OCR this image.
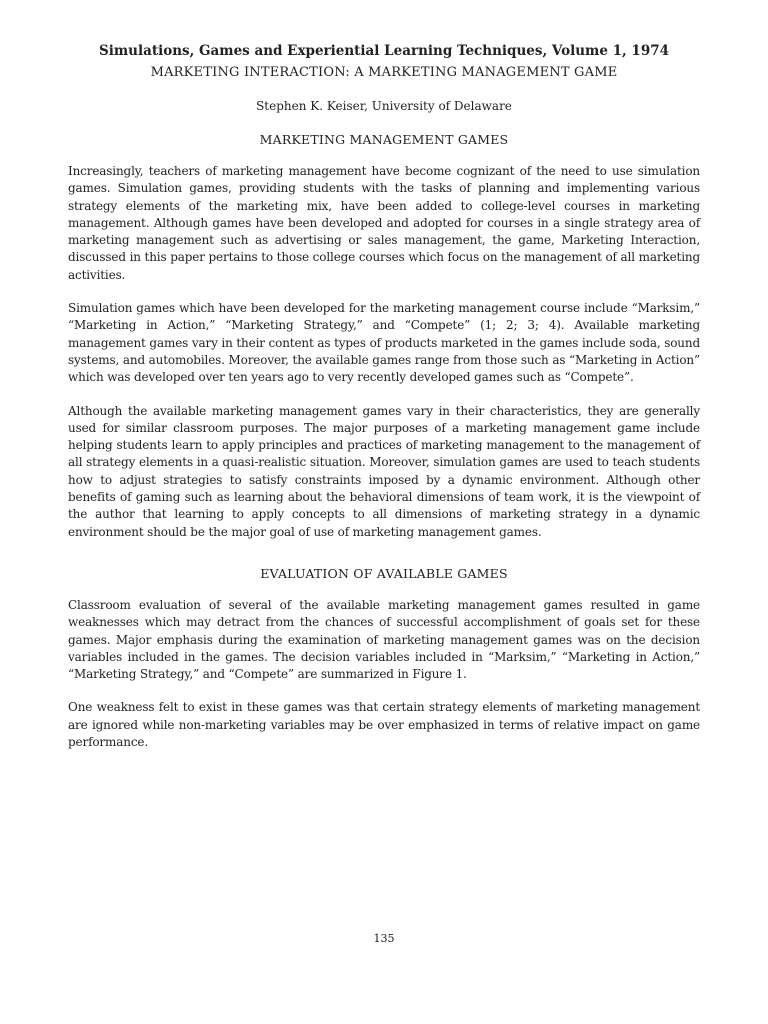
Simulations, Games and Experiential Learning Techniques, Volume 1, 1974
MARKETING INTERACTION: A MARKETING MANAGEMENT GAME
Stephen K. Keiser, University of Delaware
MARKETING MANAGEMENT GAMES

Increasingly, teachers of marketing management have become cognizant of the need to use simulation games. Simulation games, providing students with the tasks of planning and implementing various strategy elements of the marketing mix, have been added to college-level courses in marketing management. Although games have been developed and adopted for courses in a single strategy area of marketing management such as advertising or sales management, the game, Marketing Interaction, discussed in this paper pertains to those college courses which focus on the management of all marketing activities.

Simulation games which have been developed for the marketing management course include “Marksim,” “Marketing in Action,” “Marketing Strategy,” and “Compete” (1; 2; 3; 4). Available marketing management games vary in their content as types of products marketed in the games include soda, sound systems, and automobiles. Moreover, the available games range from those such as “Marketing in Action” which was developed over ten years ago to very recently developed games such as “Compete”.

Although the available marketing management games vary in their characteristics, they are generally used for similar classroom purposes. The major purposes of a marketing management game include helping students learn to apply principles and practices of marketing management to the management of all strategy elements in a quasi-realistic situation. Moreover, simulation games are used to teach students how to adjust strategies to satisfy constraints imposed by a dynamic environment. Although other benefits of gaming such as learning about the behavioral dimensions of team work, it is the viewpoint of the author that learning to apply concepts to all dimensions of marketing strategy in a dynamic environment should be the major goal of use of marketing management games.

EVALUATION OF AVAILABLE GAMES

Classroom evaluation of several of the available marketing management games resulted in game weaknesses which may detract from the chances of successful accomplishment of goals set for these games. Major emphasis during the examination of marketing management games was on the decision variables included in the games. The decision variables included in “Marksim,” “Marketing in Action,” “Marketing Strategy,” and “Compete” are summarized in Figure 1.

One weakness felt to exist in these games was that certain strategy elements of marketing management are ignored while non-marketing variables may be over emphasized in terms of relative impact on game performance.

135
